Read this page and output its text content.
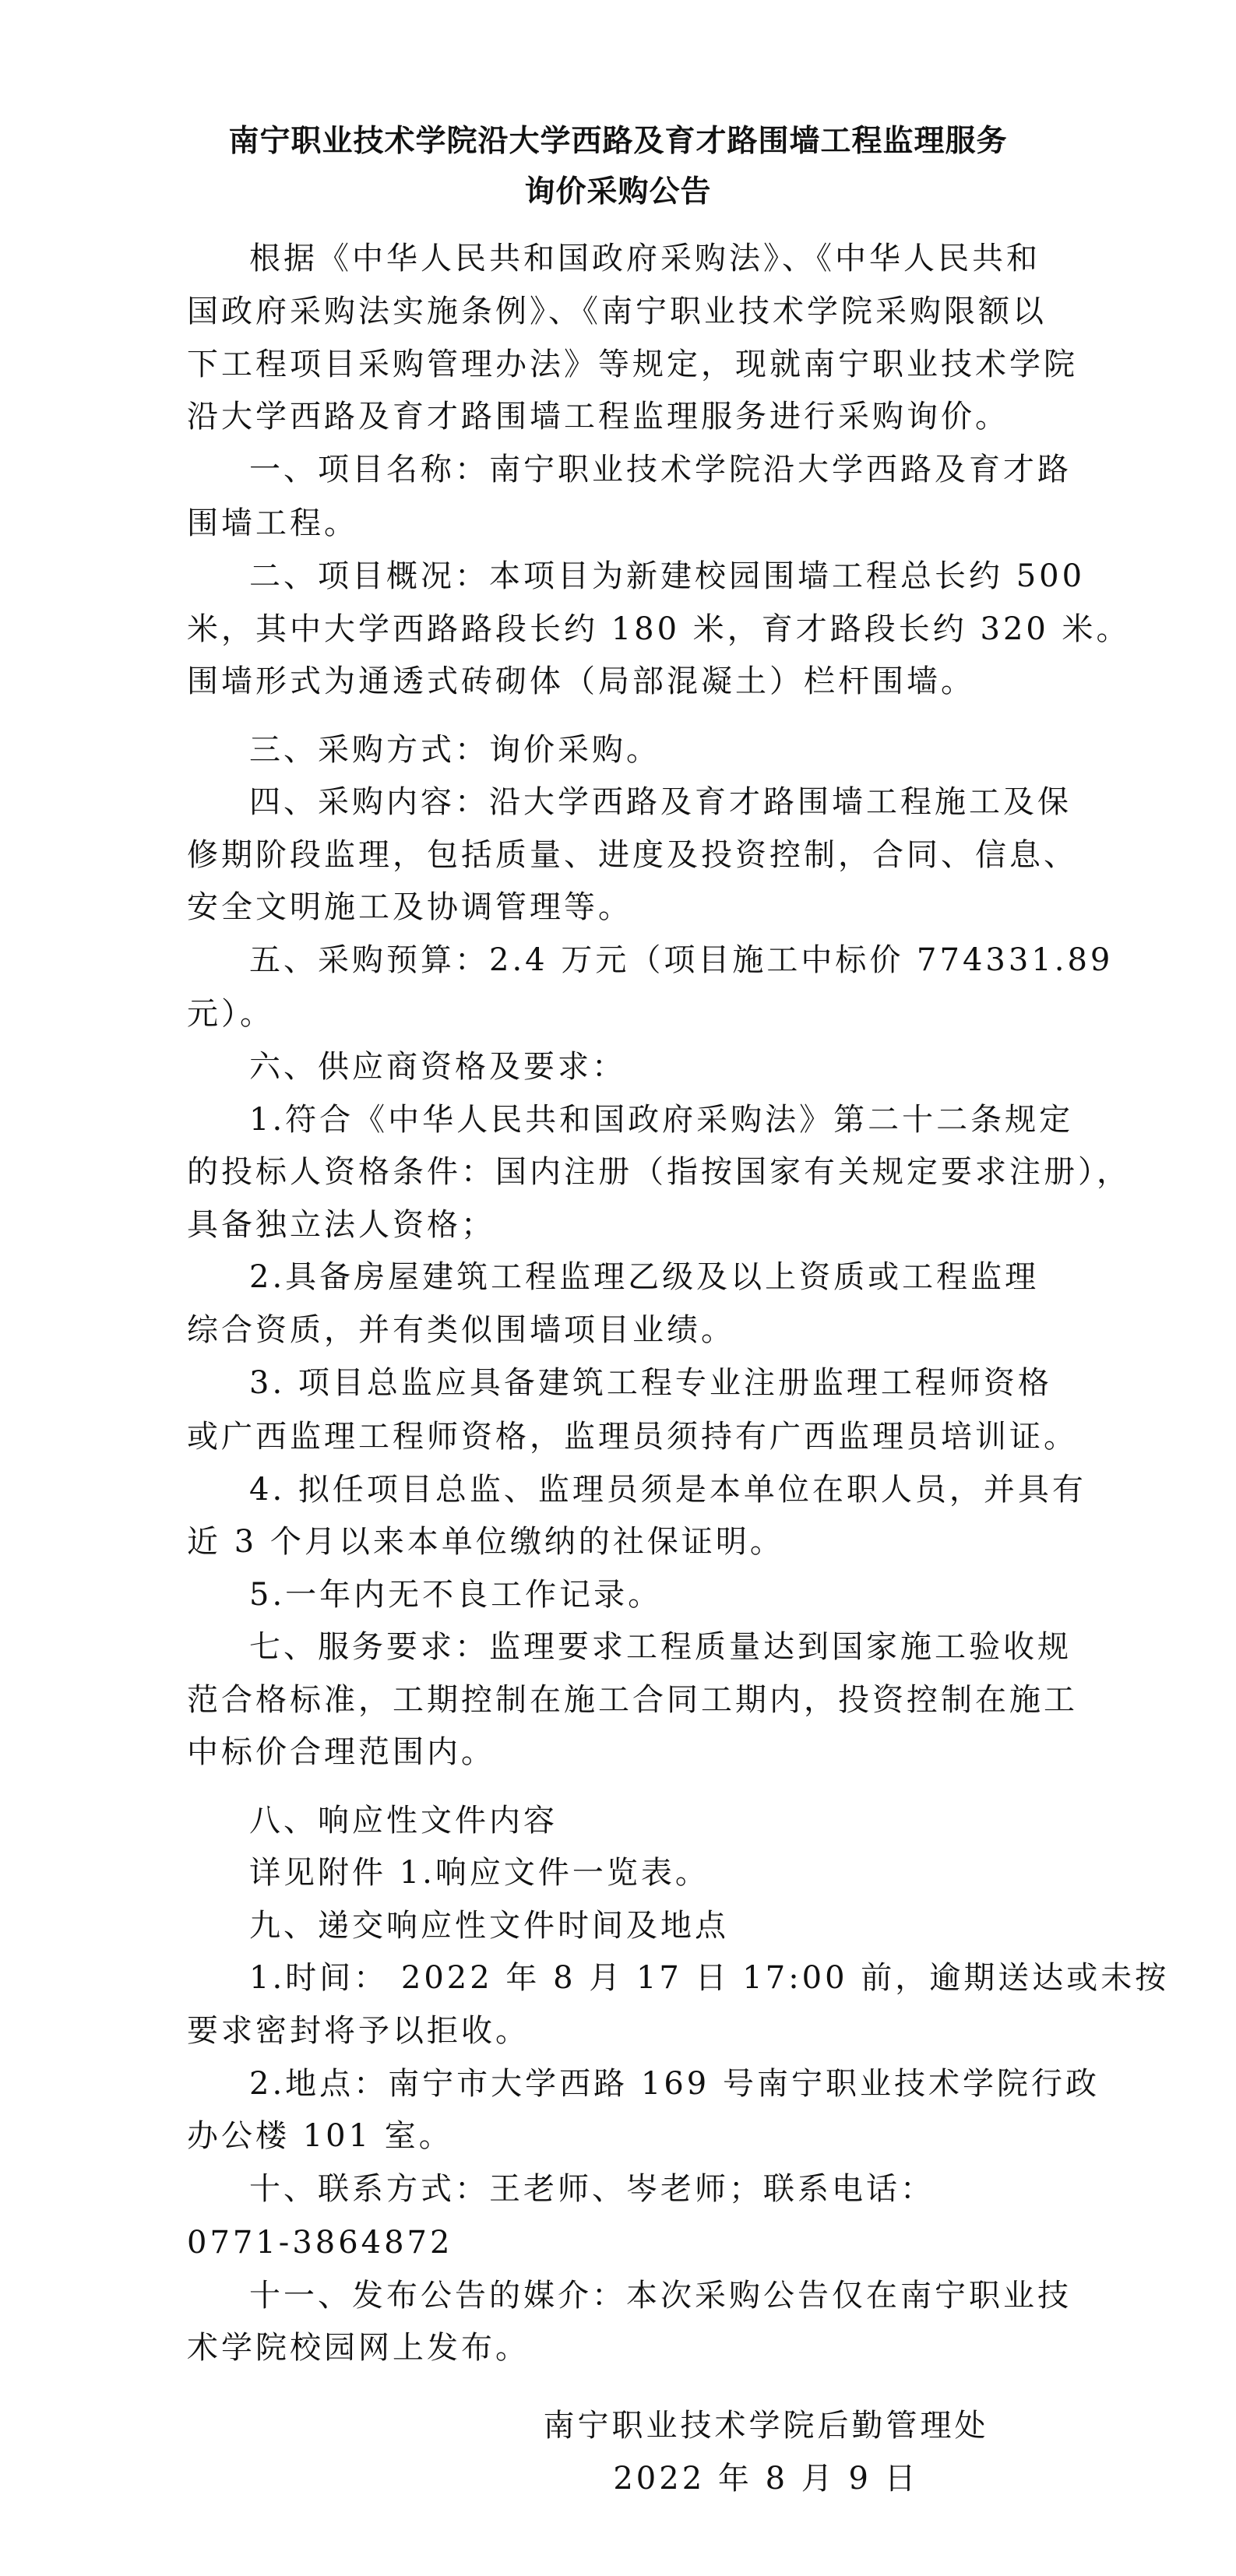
南宁职业技术学院沿大学西路及育才路围墙工程监理服务
询价采购公告
根据《中华人民共和国政府采购法》、《中华人民共和
国政府采购法实施条例》、《南宁职业技术学院采购限额以
下工程项目采购管理办法》等规定，现就南宁职业技术学院
沿大学西路及育才路围墙工程监理服务进行采购询价。
一、项目名称：南宁职业技术学院沿大学西路及育才路
围墙工程。
二、项目概况：本项目为新建校园围墙工程总长约 500
米，其中大学西路路段长约 180 米，育才路段长约 320 米。
围墙形式为通透式砖砌体（局部混凝土）栏杆围墙。
三、采购方式：询价采购。
四、采购内容：沿大学西路及育才路围墙工程施工及保
修期阶段监理，包括质量、进度及投资控制，合同、信息、
安全文明施工及协调管理等。
五、采购预算：2.4 万元（项目施工中标价 774331.89
元）。
六、供应商资格及要求：
1.符合《中华人民共和国政府采购法》第二十二条规定
的投标人资格条件：国内注册（指按国家有关规定要求注册），
具备独立法人资格；
2.具备房屋建筑工程监理乙级及以上资质或工程监理
综合资质，并有类似围墙项目业绩。
3. 项目总监应具备建筑工程专业注册监理工程师资格
或广西监理工程师资格，监理员须持有广西监理员培训证。
4. 拟任项目总监、监理员须是本单位在职人员，并具有
近 3 个月以来本单位缴纳的社保证明。
5.一年内无不良工作记录。
七、服务要求：监理要求工程质量达到国家施工验收规
范合格标准，工期控制在施工合同工期内，投资控制在施工
中标价合理范围内。
八、响应性文件内容
详见附件 1.响应文件一览表。
九、递交响应性文件时间及地点
1.时间： 2022 年 8 月 17 日 17:00 前，逾期送达或未按
要求密封将予以拒收。
2.地点：南宁市大学西路 169 号南宁职业技术学院行政
办公楼 101 室。
十、联系方式：王老师、岑老师；联系电话：
0771-3864872
十一、发布公告的媒介：本次采购公告仅在南宁职业技
术学院校园网上发布。
南宁职业技术学院后勤管理处
2022 年 8 月 9 日
